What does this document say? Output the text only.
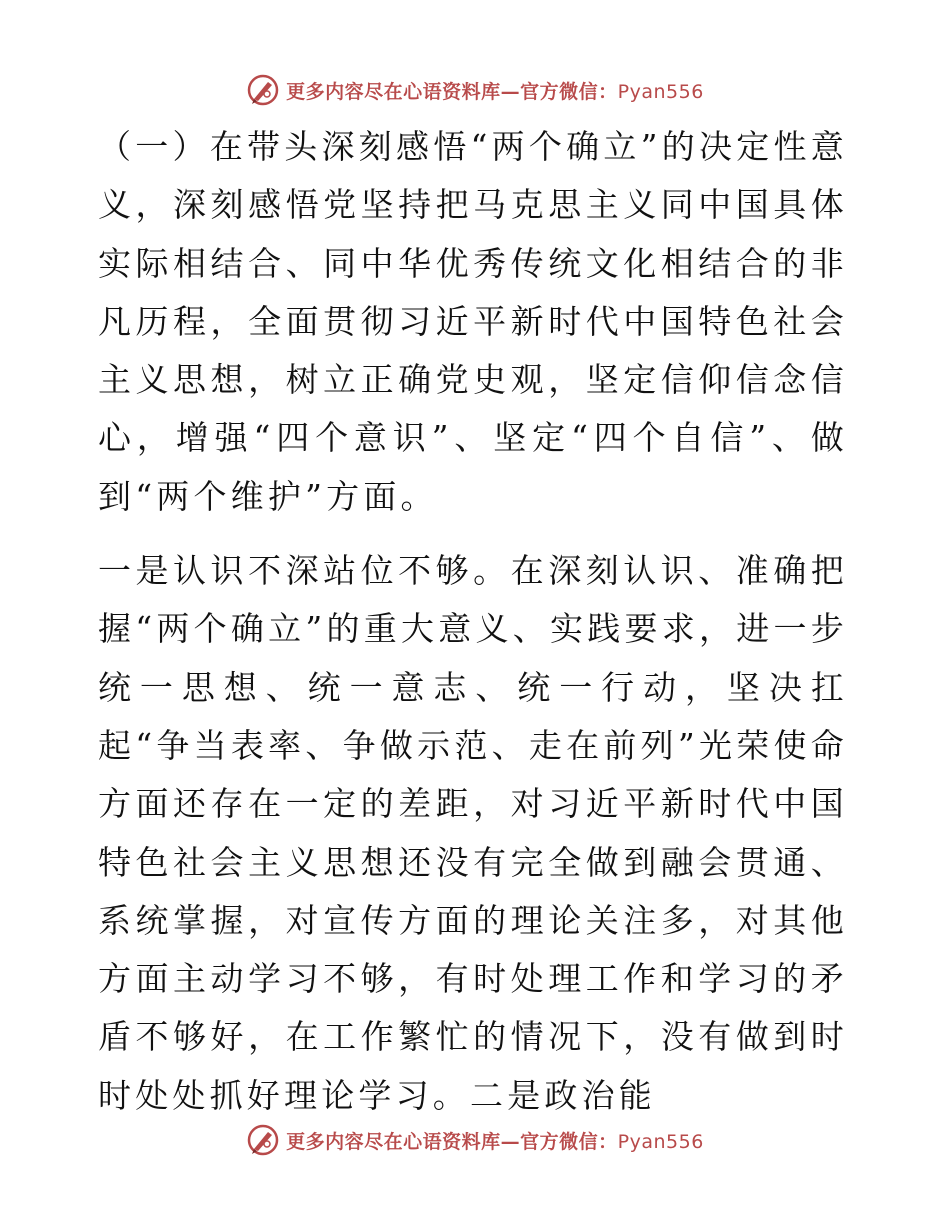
更多内容尽在心语资料库—官方微信：Pyan556

（一）在带头深刻感悟“两个确立”的决定性意义，深刻感悟党坚持把马克思主义同中国具体实际相结合、同中华优秀传统文化相结合的非凡历程，全面贯彻习近平新时代中国特色社会主义思想，树立正确党史观，坚定信仰信念信心，增强“四个意识”、坚定“四个自信”、做到“两个维护”方面。

一是认识不深站位不够。在深刻认识、准确把握“两个确立”的重大意义、实践要求，进一步统一思想、统一意志、统一行动，坚决扛起“争当表率、争做示范、走在前列”光荣使命方面还存在一定的差距，对习近平新时代中国特色社会主义思想还没有完全做到融会贯通、系统掌握，对宣传方面的理论关注多，对其他方面主动学习不够，有时处理工作和学习的矛盾不够好，在工作繁忙的情况下，没有做到时时处处抓好理论学习。二是政治能

更多内容尽在心语资料库—官方微信：Pyan556
